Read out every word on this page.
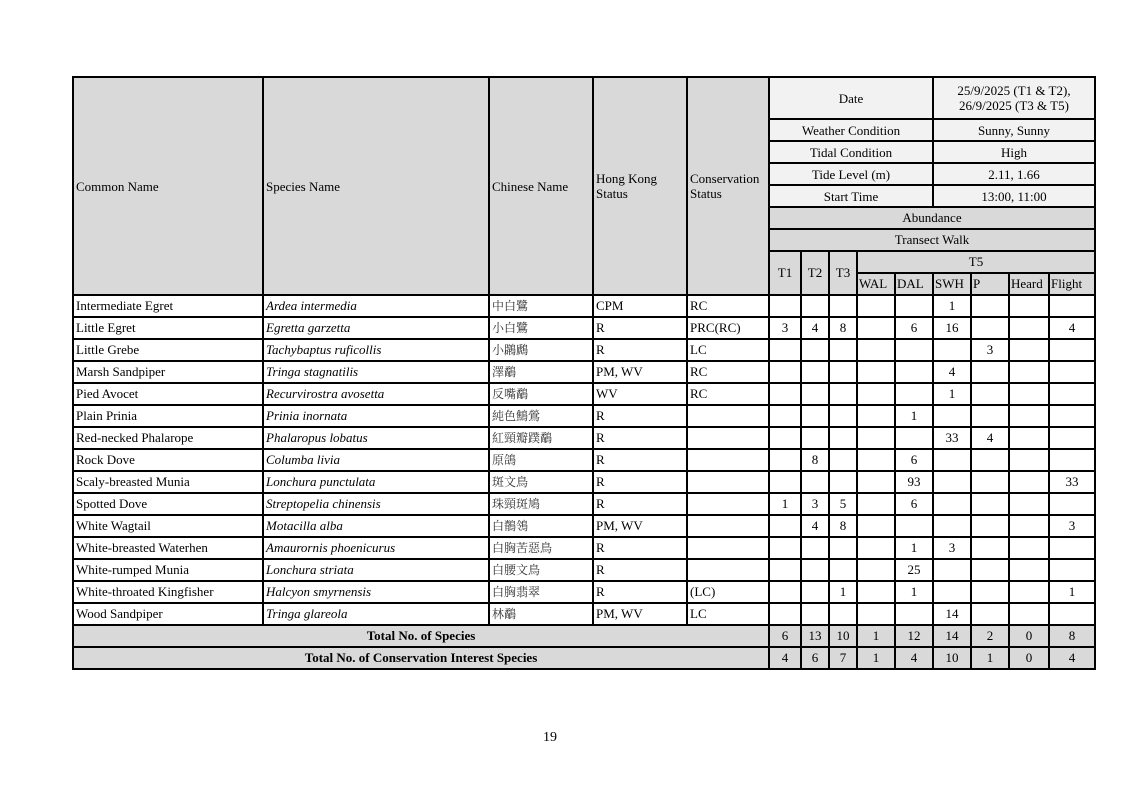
Common Name	Species Name	Chinese Name	Hong Kong Status	Conservation Status	Date					25/9/2025 (T1 & T2), 26/9/2025 (T3 & T5)			
					Weather Condition					Sunny, Sunny			
					Tidal Condition					High			
					Tide Level (m)					2.11, 1.66			
					Start Time					13:00, 11:00			
					Abundance								
					Transect Walk								
					T1	T2	T3	T5					
								WAL	DAL	SWH	P	Heard	Flight
Intermediate Egret	Ardea intermedia	中白鷺	CPM	RC						1			
Little Egret	Egretta garzetta	小白鷺	R	PRC(RC)	3	4	8		6	16			4
Little Grebe	Tachybaptus ruficollis	小鸊鷉	R	LC							3		
Marsh Sandpiper	Tringa stagnatilis	澤鷸	PM, WV	RC						4			
Pied Avocet	Recurvirostra avosetta	反嘴鷸	WV	RC						1			
Plain Prinia	Prinia inornata	純色鷦鶯	R						1				
Red-necked Phalarope	Phalaropus lobatus	紅頸瓣蹼鷸	R							33	4		
Rock Dove	Columba livia	原鴿	R			8			6				
Scaly-breasted Munia	Lonchura punctulata	斑文鳥	R						93				33
Spotted Dove	Streptopelia chinensis	珠頸斑鳩	R		1	3	5		6				
White Wagtail	Motacilla alba	白鶺鴒	PM, WV			4	8						3
White-breasted Waterhen	Amaurornis phoenicurus	白胸苦惡鳥	R						1	3			
White-rumped Munia	Lonchura striata	白腰文鳥	R						25				
White-throated Kingfisher	Halcyon smyrnensis	白胸翡翠	R	(LC)			1		1				1
Wood Sandpiper	Tringa glareola	林鷸	PM, WV	LC						14			
Total No. of Species					6	13	10	1	12	14	2	0	8
Total No. of Conservation Interest Species					4	6	7	1	4	10	1	0	4
19
